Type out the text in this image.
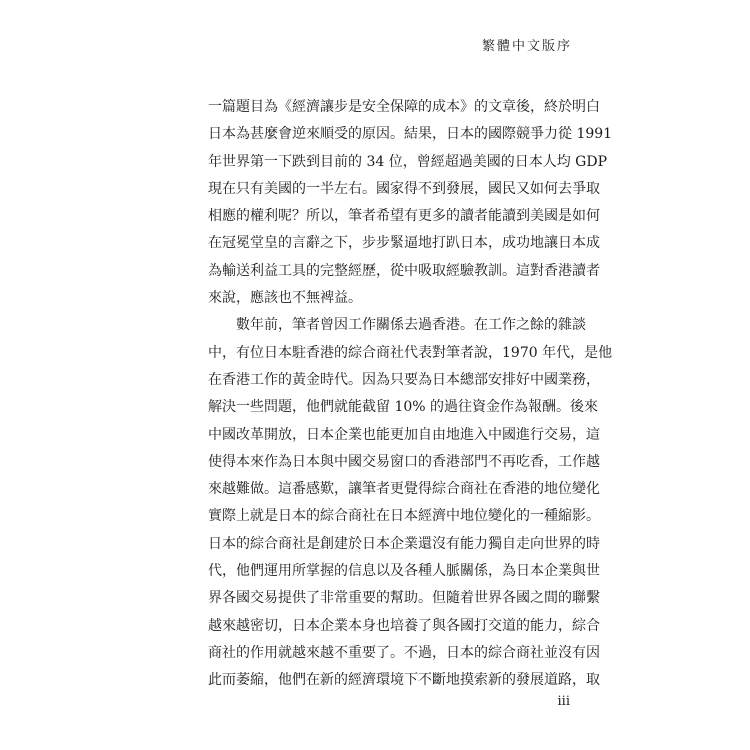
繁體中文版序
一篇題目為《經濟讓步是安全保障的成本》的文章後，終於明白
日本為甚麼會逆來順受的原因。結果，日本的國際競爭力從 1991
年世界第一下跌到目前的 34 位，曾經超過美國的日本人均 GDP
現在只有美國的一半左右。國家得不到發展，國民又如何去爭取
相應的權利呢？所以，筆者希望有更多的讀者能讀到美國是如何
在冠冕堂皇的言辭之下，步步緊逼地打趴日本，成功地讓日本成
為輸送利益工具的完整經歷，從中吸取經驗教訓。這對香港讀者
來說，應該也不無裨益。
數年前，筆者曾因工作關係去過香港。在工作之餘的雜談
中，有位日本駐香港的綜合商社代表對筆者說，1970 年代，是他
在香港工作的黃金時代。因為只要為日本總部安排好中國業務，
解決一些問題，他們就能截留 10% 的過往資金作為報酬。後來
中國改革開放，日本企業也能更加自由地進入中國進行交易，這
使得本來作為日本與中國交易窗口的香港部門不再吃香，工作越
來越難做。這番感歎，讓筆者更覺得綜合商社在香港的地位變化
實際上就是日本的綜合商社在日本經濟中地位變化的一種縮影。
日本的綜合商社是創建於日本企業還沒有能力獨自走向世界的時
代，他們運用所掌握的信息以及各種人脈關係，為日本企業與世
界各國交易提供了非常重要的幫助。但隨着世界各國之間的聯繫
越來越密切，日本企業本身也培養了與各國打交道的能力，綜合
商社的作用就越來越不重要了。不過，日本的綜合商社並沒有因
此而萎縮，他們在新的經濟環境下不斷地摸索新的發展道路，取
iii
